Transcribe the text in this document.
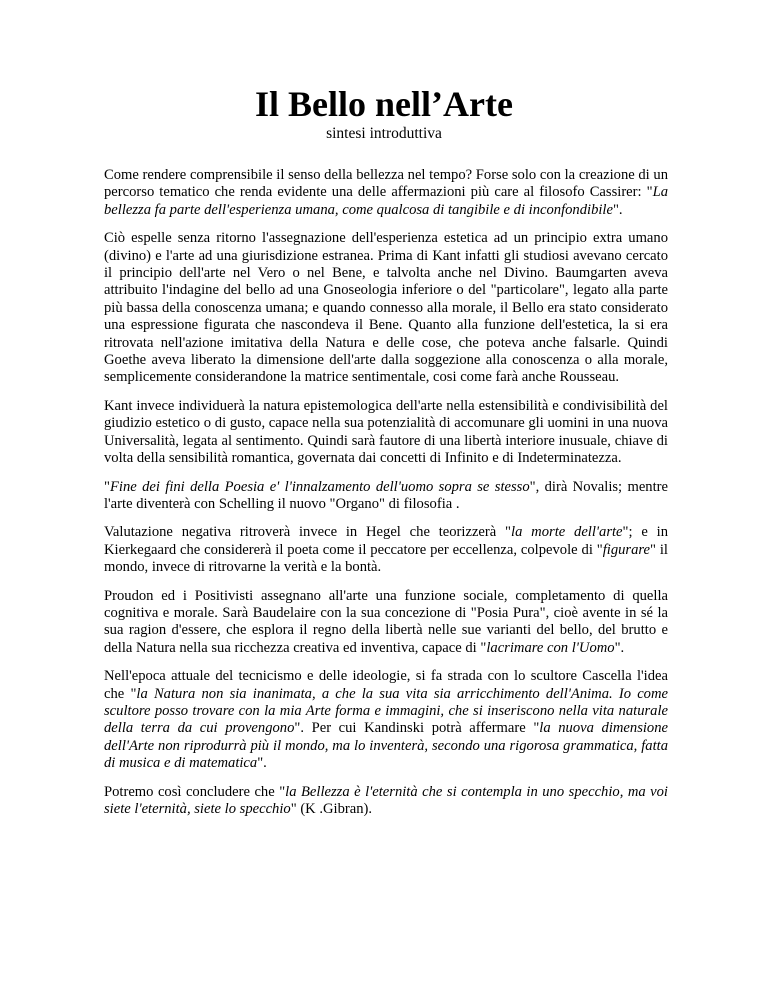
Il Bello nell’Arte
sintesi introduttiva

Come rendere comprensibile il senso della bellezza nel tempo? Forse solo con la creazione di un percorso tematico che renda evidente una delle affermazioni più care al filosofo Cassirer: "La bellezza fa parte dell'esperienza umana, come qualcosa di tangibile e di inconfondibile".

Ciò espelle senza ritorno l'assegnazione dell'esperienza estetica ad un principio extra umano (divino) e l'arte ad una giurisdizione estranea. Prima di Kant infatti gli studiosi avevano cercato il principio dell'arte nel Vero o nel Bene, e talvolta anche nel Divino. Baumgarten aveva attribuito l'indagine del bello ad una Gnoseologia inferiore o del "particolare", legato alla parte più bassa della conoscenza umana; e quando connesso alla morale, il Bello era stato considerato una espressione figurata che nascondeva il Bene. Quanto alla funzione dell'estetica, la si era ritrovata nell'azione imitativa della Natura e delle cose, che poteva anche falsarle. Quindi Goethe aveva liberato la dimensione dell'arte dalla soggezione alla conoscenza o alla morale, semplicemente considerandone la matrice sentimentale, cosi come farà anche Rousseau.

Kant invece individuerà la natura epistemologica dell'arte nella estensibilità e condivisibilità del giudizio estetico o di gusto, capace nella sua potenzialità di accomunare gli uomini in una nuova Universalità, legata al sentimento. Quindi sarà fautore di una libertà interiore inusuale, chiave di volta della sensibilità romantica, governata dai concetti di Infinito e di Indeterminatezza.

"Fine dei fini della Poesia e' l'innalzamento dell'uomo sopra se stesso", dirà Novalis; mentre l'arte diventerà con Schelling il nuovo "Organo" di filosofia .

Valutazione negativa ritroverà invece in Hegel che teorizzerà "la morte dell'arte"; e in Kierkegaard che considererà il poeta come il peccatore per eccellenza, colpevole di "figurare" il mondo, invece di ritrovarne la verità e la bontà.

Proudon ed i Positivisti assegnano all'arte una funzione sociale, completamento di quella cognitiva e morale. Sarà Baudelaire con la sua concezione di "Posia Pura", cioè avente in sé la sua ragion d'essere, che esplora il regno della libertà nelle sue varianti del bello, del brutto e della Natura nella sua ricchezza creativa ed inventiva, capace di "lacrimare con l'Uomo".

Nell'epoca attuale del tecnicismo e delle ideologie, si fa strada con lo scultore Cascella l'idea che "la Natura non sia inanimata, a che la sua vita sia arricchimento dell'Anima. Io come scultore posso trovare con la mia Arte forma e immagini, che si inseriscono nella vita naturale della terra da cui provengono". Per cui Kandinski potrà affermare "la nuova dimensione dell'Arte non riprodurrà più il mondo, ma lo inventerà, secondo una rigorosa grammatica, fatta di musica e di matematica".

Potremo così concludere che "la Bellezza è l'eternità che si contempla in uno specchio, ma voi siete l'eternità, siete lo specchio" (K .Gibran).
